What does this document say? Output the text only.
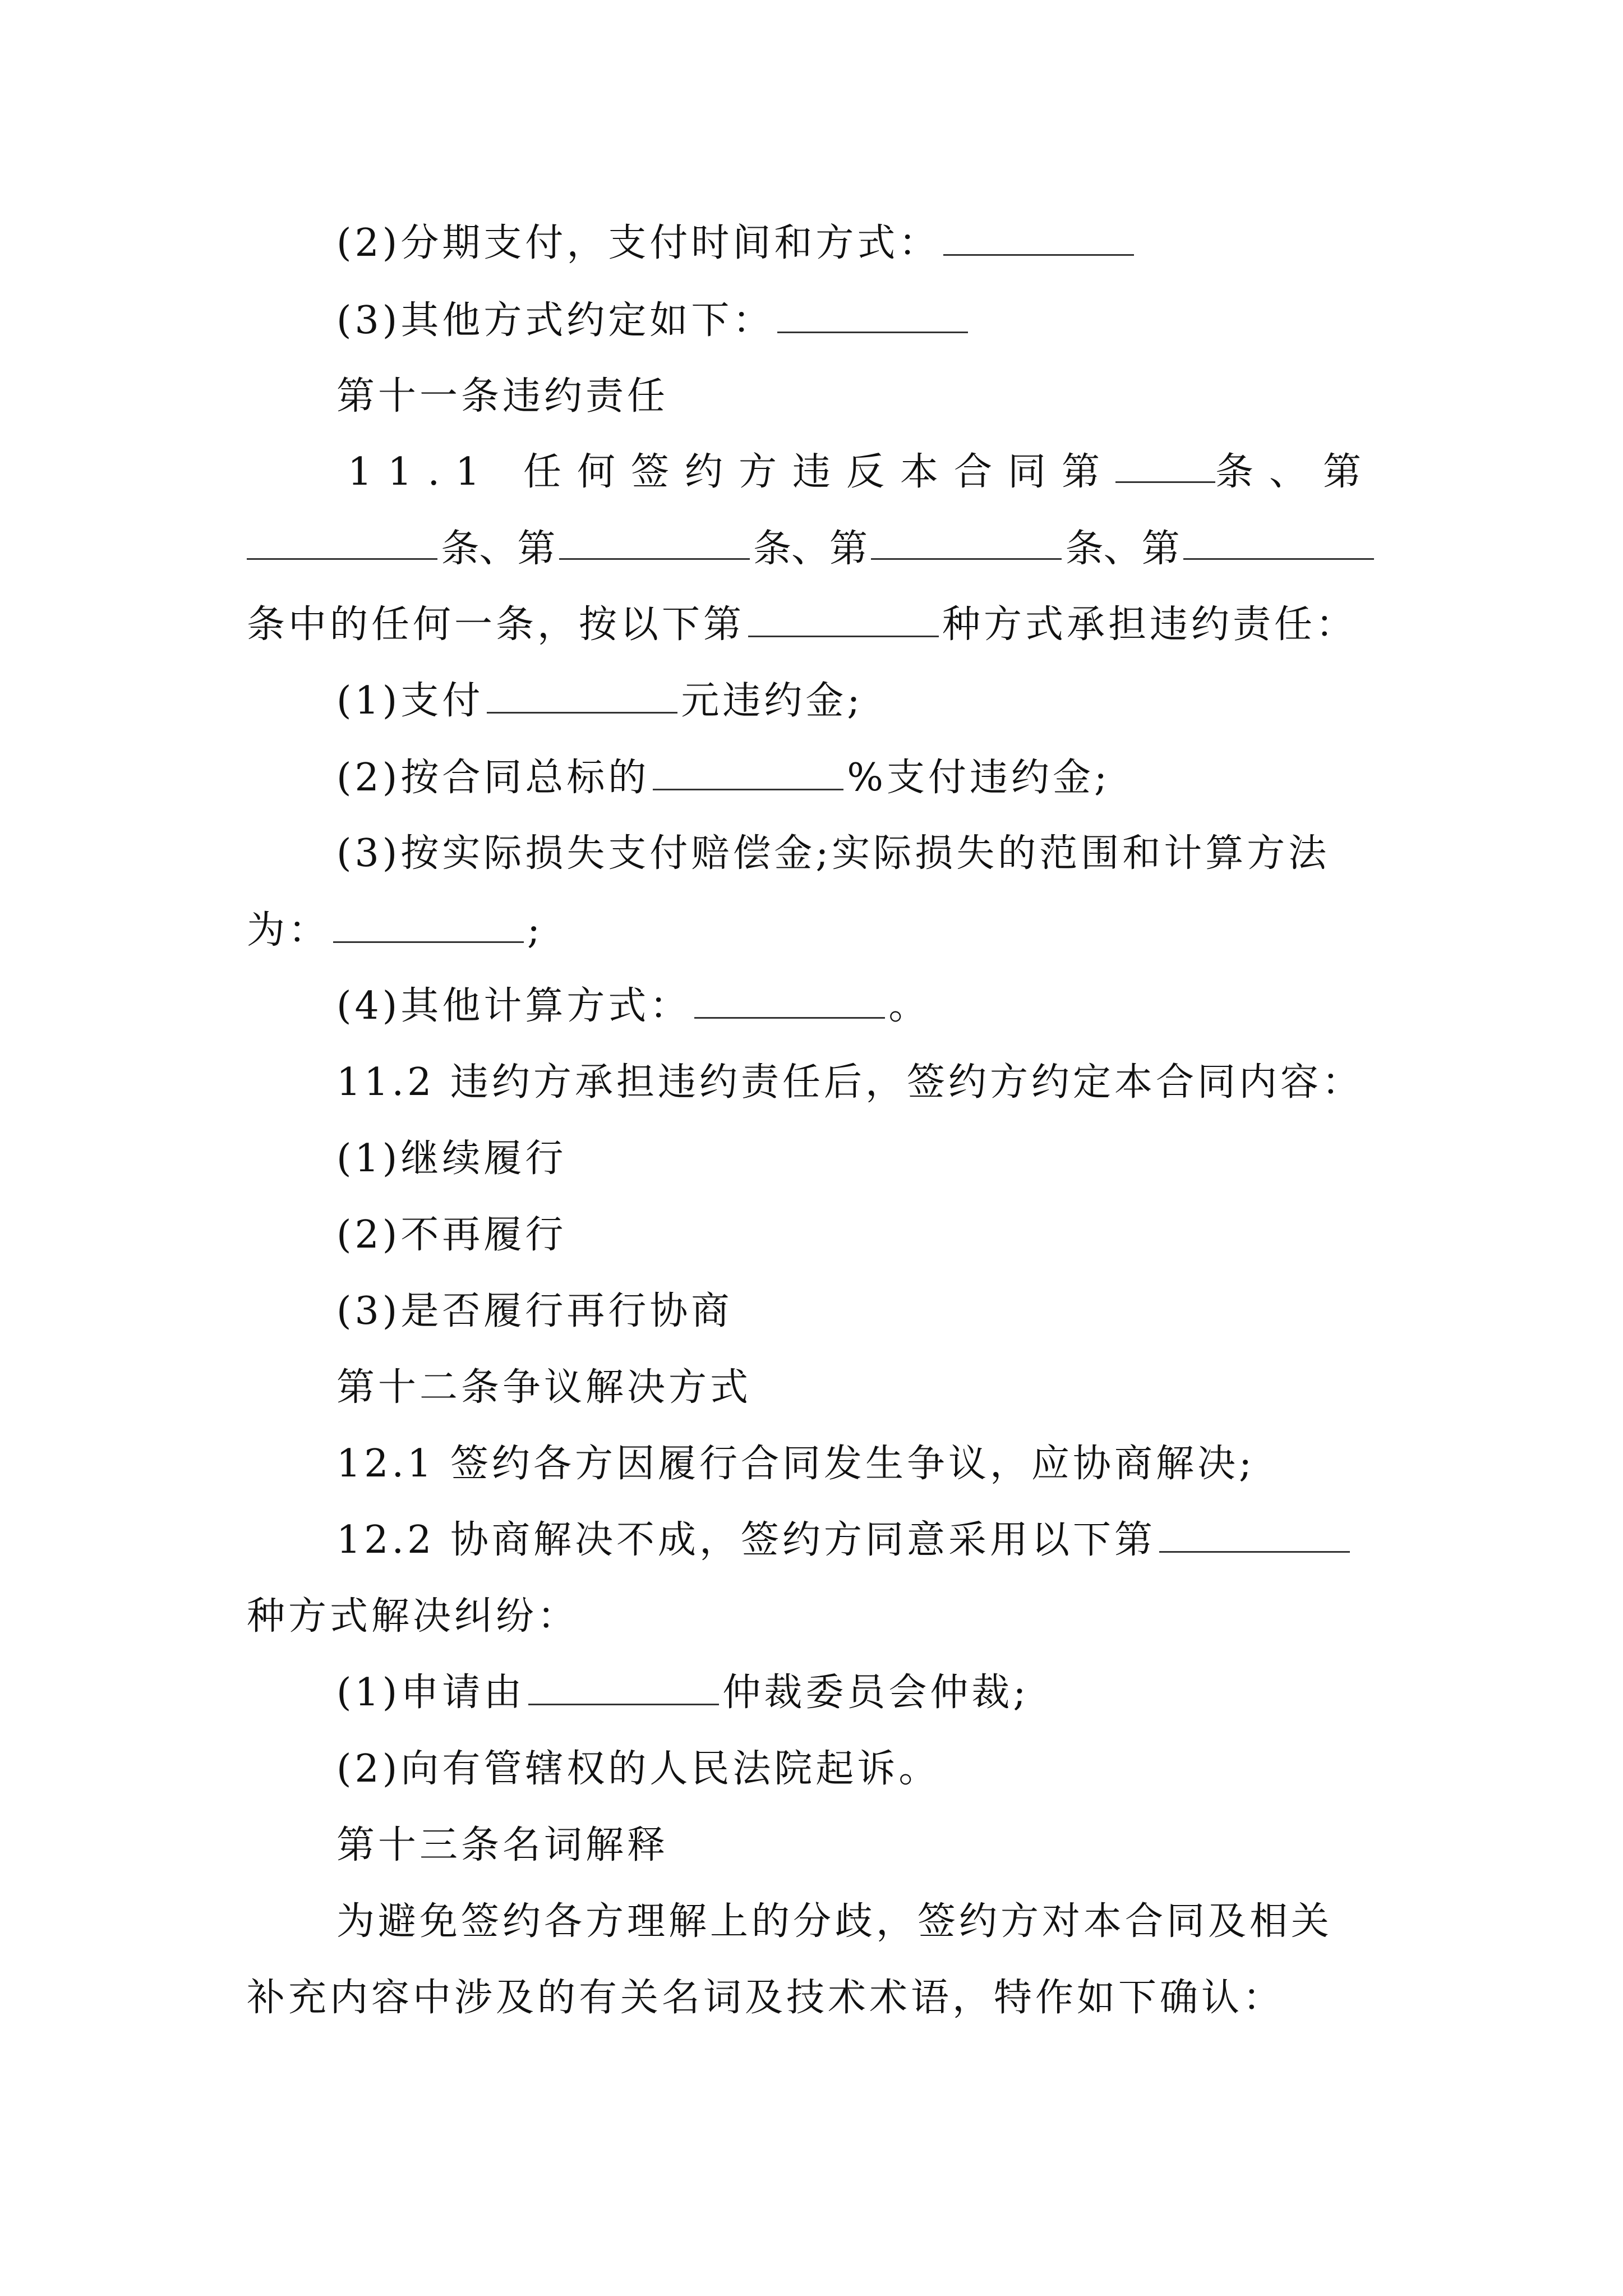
(2)分期支付，支付时间和方式：
(3)其他方式约定如下：
第十一条违约责任
11.1 任何签约方违反本合同第	条、第
条、第	条、第	条、第
条中的任何一条，按以下第	种方式承担违约责任：
(1)支付	元违约金;
(2)按合同总标的	%支付违约金;
(3)按实际损失支付赔偿金;实际损失的范围和计算方法
为：	;
(4)其他计算方式：	。
11.2 违约方承担违约责任后，签约方约定本合同内容：
(1)继续履行
(2)不再履行
(3)是否履行再行协商
第十二条争议解决方式
12.1 签约各方因履行合同发生争议，应协商解决;
12.2 协商解决不成，签约方同意采用以下第
种方式解决纠纷：
(1)申请由	仲裁委员会仲裁;
(2)向有管辖权的人民法院起诉。
第十三条名词解释
为避免签约各方理解上的分歧，签约方对本合同及相关
补充内容中涉及的有关名词及技术术语，特作如下确认：
